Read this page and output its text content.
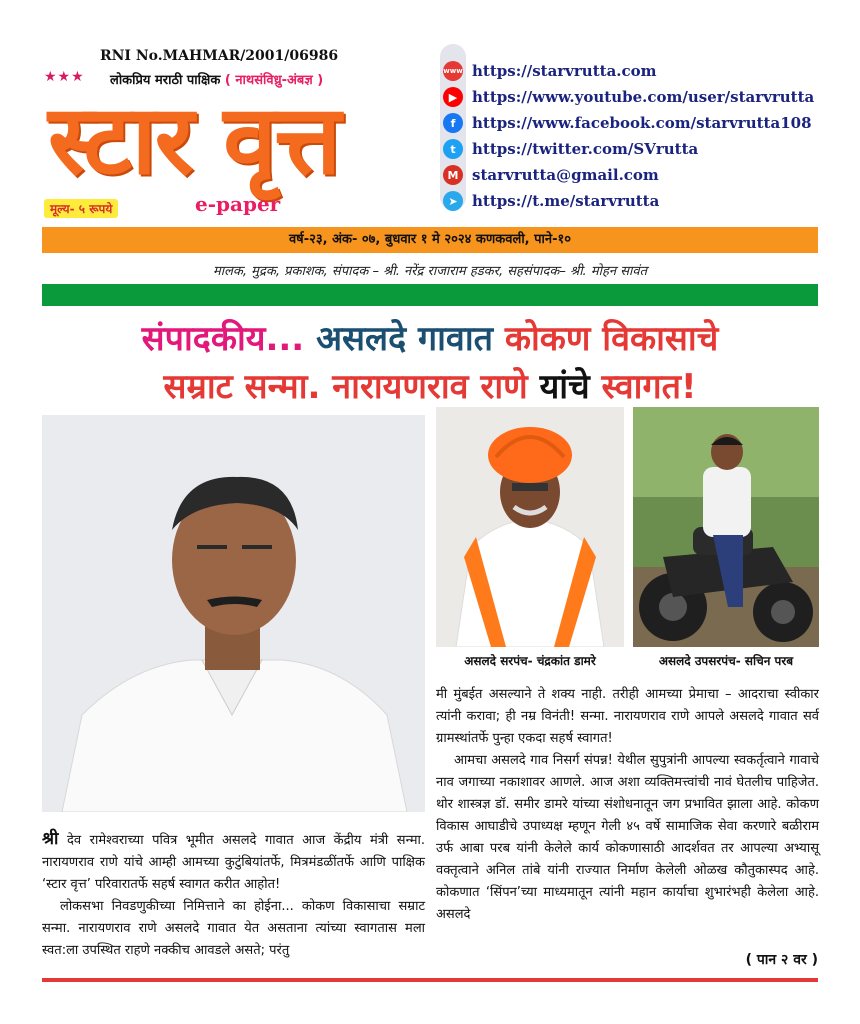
RNI No.MAHMAR/2001/06986
★★★ लोकप्रिय मराठी पाक्षिक ( नाथसंविध्रु-अंबज्ञ )
स्टार वृत्त
मूल्य- ५ रूपये	e-paper
www https://starvrutta.com
▶ https://www.youtube.com/user/starvrutta
f	https://www.facebook.com/starvrutta108
t	https://twitter.com/SVrutta
M starvrutta@gmail.com
➤ https://t.me/starvrutta
वर्ष-२३, अंक- ०७, बुधवार १ मे २०२४ कणकवली, पाने-१०
मालक, मुद्रक, प्रकाशक, संपादक – श्री. नरेंद्र राजाराम हडकर, सहसंपादक– श्री. मोहन सावंत
संपादकीय... असलदे गावात कोकण विकासाचे
सम्राट सन्मा. नारायणराव राणे यांचे स्वागत!
असलदे सरपंच- चंद्रकांत डामरे	असलदे उपसरपंच- सचिन परब

श्री देव रामेश्वराच्या पवित्र भूमीत असलदे गावात आज केंद्रीय मंत्री सन्मा. नारायणराव राणे यांचे आम्ही आमच्या कुटुंबियांतर्फे, मित्रमंडळींतर्फे आणि पाक्षिक ‘स्टार वृत्त’ परिवारातर्फे सहर्ष स्वागत करीत आहोत!

लोकसभा निवडणुकीच्या निमित्ताने का होईना... कोकण विकासाचा सम्राट सन्मा. नारायणराव राणे असलदे गावात येत असताना त्यांच्या स्वागतास मला स्वत:ला उपस्थित राहणे नक्कीच आवडले असते; परंतु

मी मुंबईत असल्याने ते शक्य नाही. तरीही आमच्या प्रेमाचा – आदराचा स्वीकार त्यांनी करावा; ही नम्र विनंती! सन्मा. नारायणराव राणे आपले असलदे गावात सर्व ग्रामस्थांतर्फे पुन्हा एकदा सहर्ष स्वागत!

आमचा असलदे गाव निसर्ग संपन्न! येथील सुपुत्रांनी आपल्या स्वकर्तृत्वाने गावाचे नाव जगाच्या नकाशावर आणले. आज अशा व्यक्तिमत्त्वांची नावं घेतलीच पाहिजेत. थोर शास्त्रज्ञ डॉ. समीर डामरे यांच्या संशोधनातून जग प्रभावित झाला आहे. कोकण विकास आघाडीचे उपाध्यक्ष म्हणून गेली ४५ वर्षे सामाजिक सेवा करणारे बळीराम उर्फ आबा परब यांनी केलेले कार्य कोकणासाठी आदर्शवत तर आपल्या अभ्यासू वक्तृत्वाने अनिल तांबे यांनी राज्यात निर्माण केलेली ओळख कौतुकास्पद आहे. कोकणात ‘सिंपन’च्या माध्यमातून त्यांनी महान कार्याचा शुभारंभही केलेला आहे. असलदे

( पान २ वर )
